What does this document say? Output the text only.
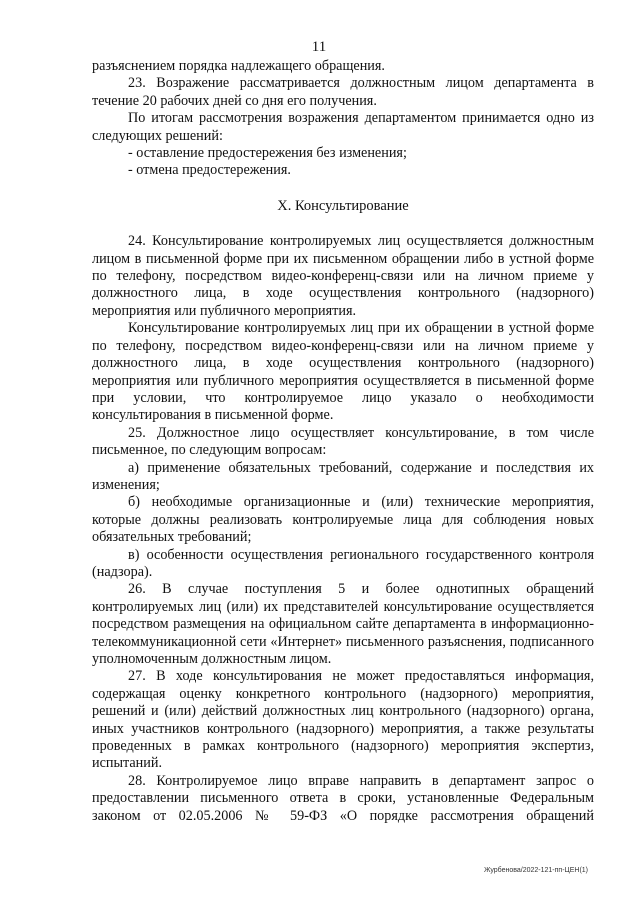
11

разъяснением порядка надлежащего обращения.

23. Возражение рассматривается должностным лицом департамента в течение 20 рабочих дней со дня его получения.

По итогам рассмотрения возражения департаментом принимается одно из следующих решений:

- оставление предостережения без изменения;

- отмена предостережения.

X. Консультирование

24. Консультирование контролируемых лиц осуществляется должностным лицом в письменной форме при их письменном обращении либо в устной форме по телефону, посредством видео-конференц-связи или на личном приеме у должностного лица, в ходе осуществления контрольного (надзорного) мероприятия или публичного мероприятия.

Консультирование контролируемых лиц при их обращении в устной форме по телефону, посредством видео-конференц-связи или на личном приеме у должностного лица, в ходе осуществления контрольного (надзорного) мероприятия или публичного мероприятия осуществляется в письменной форме при условии, что контролируемое лицо указало о необходимости консультирования в письменной форме.

25. Должностное лицо осуществляет консультирование, в том числе письменное, по следующим вопросам:

а) применение обязательных требований, содержание и последствия их изменения;

б) необходимые организационные и (или) технические мероприятия, которые должны реализовать контролируемые лица для соблюдения новых обязательных требований;

в) особенности осуществления регионального государственного контроля (надзора).

26. В случае поступления 5 и более однотипных обращений контролируемых лиц (или) их представителей консультирование осуществляется посредством размещения на официальном сайте департамента в информационно-телекоммуникационной сети «Интернет» письменного разъяснения, подписанного уполномоченным должностным лицом.

27. В ходе консультирования не может предоставляться информация, содержащая оценку конкретного контрольного (надзорного) мероприятия, решений и (или) действий должностных лиц контрольного (надзорного) органа, иных участников контрольного (надзорного) мероприятия, а также результаты проведенных в рамках контрольного (надзорного) мероприятия экспертиз, испытаний.

28. Контролируемое лицо вправе направить в департамент запрос о предоставлении письменного ответа в сроки, установленные Федеральным законом от 02.05.2006 № 59-ФЗ «О порядке рассмотрения обращений

Журбенова/2022-121-пп-ЦЕН(1)
